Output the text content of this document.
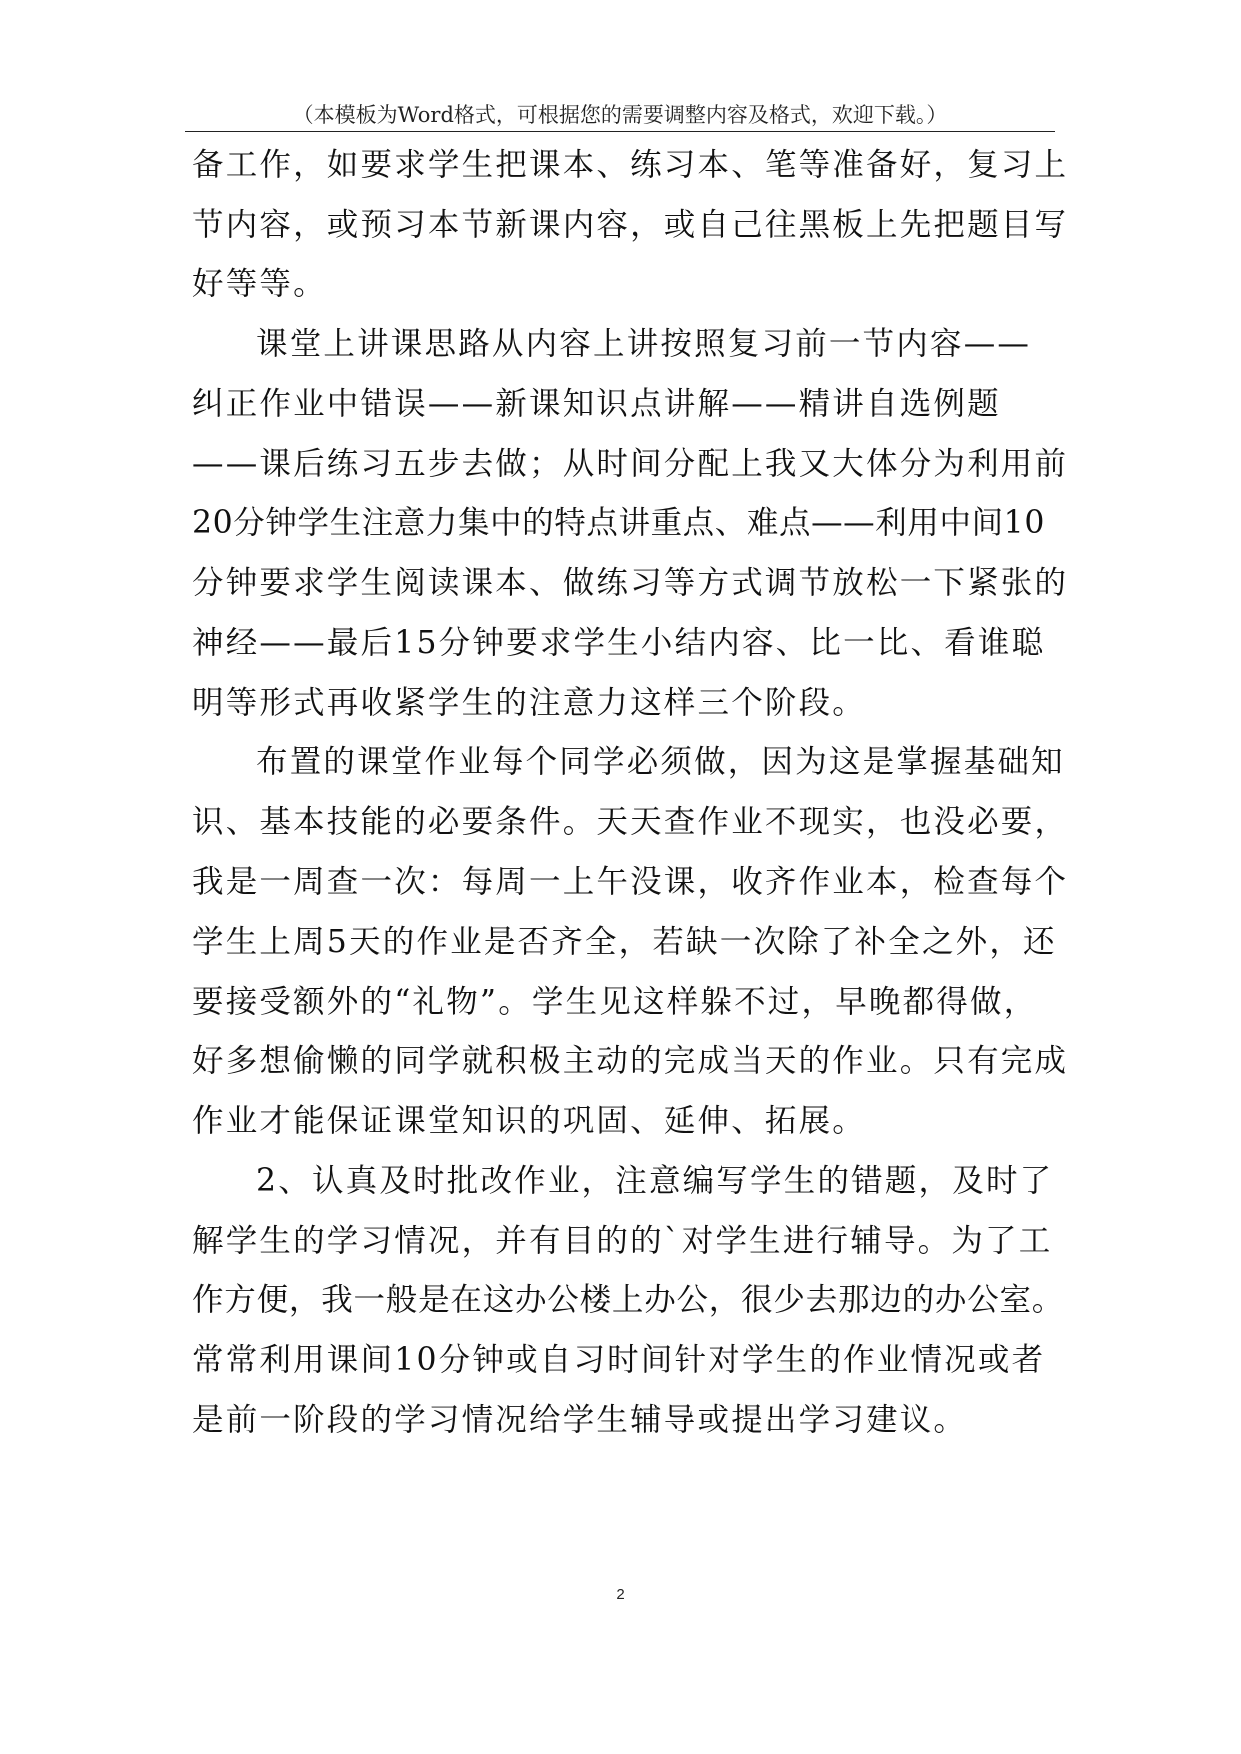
（本模板为Word格式，可根据您的需要调整内容及格式，欢迎下载。）
备工作，如要求学生把课本、练习本、笔等准备好，复习上
节内容，或预习本节新课内容，或自己往黑板上先把题目写
好等等。
课堂上讲课思路从内容上讲按照复习前一节内容——
纠正作业中错误——新课知识点讲解——精讲自选例题
——课后练习五步去做；从时间分配上我又大体分为利用前
20分钟学生注意力集中的特点讲重点、难点——利用中间10
分钟要求学生阅读课本、做练习等方式调节放松一下紧张的
神经——最后15分钟要求学生小结内容、比一比、看谁聪
明等形式再收紧学生的注意力这样三个阶段。
布置的课堂作业每个同学必须做，因为这是掌握基础知
识、基本技能的必要条件。天天查作业不现实，也没必要，
我是一周查一次：每周一上午没课，收齐作业本，检查每个
学生上周5天的作业是否齐全，若缺一次除了补全之外，还
要接受额外的“礼物”。学生见这样躲不过，早晚都得做，
好多想偷懒的同学就积极主动的完成当天的作业。只有完成
作业才能保证课堂知识的巩固、延伸、拓展。
2、认真及时批改作业，注意编写学生的错题，及时了
解学生的学习情况，并有目的的`对学生进行辅导。为了工
作方便，我一般是在这办公楼上办公，很少去那边的办公室。
常常利用课间10分钟或自习时间针对学生的作业情况或者
是前一阶段的学习情况给学生辅导或提出学习建议。
2
